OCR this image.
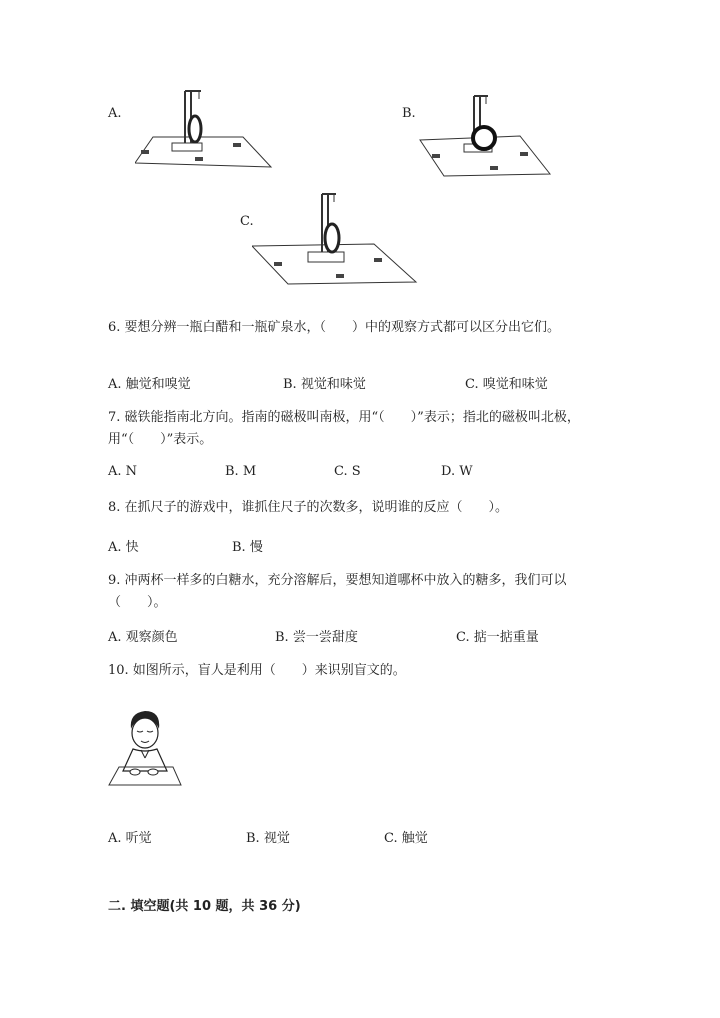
A.	B.
C.
6. 要想分辨一瓶白醋和一瓶矿泉水，（　　）中的观察方式都可以区分出它们。
A. 触觉和嗅觉	B. 视觉和味觉	C. 嗅觉和味觉
7. 磁铁能指南北方向。指南的磁极叫南极，用“（　　）”表示；指北的磁极叫北极，用“（　　）”表示。
A. N	B. M	C. S	D. W
8. 在抓尺子的游戏中，谁抓住尺子的次数多，说明谁的反应（　　）。
A. 快	B. 慢
9. 冲两杯一样多的白糖水，充分溶解后，要想知道哪杯中放入的糖多，我们可以（　　）。
A. 观察颜色	B. 尝一尝甜度	C. 掂一掂重量
10. 如图所示，盲人是利用（　　）来识别盲文的。
A. 听觉	B. 视觉	C. 触觉
二. 填空题(共 10 题，共 36 分)
